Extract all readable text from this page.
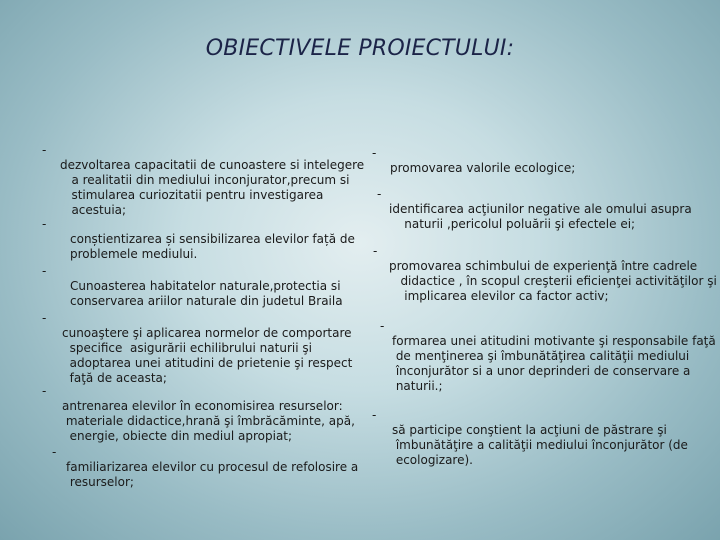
OBIECTIVELE PROIECTULUI:

-

dezvoltarea capacitatii de cunoastere si intelegere
a realitatii din mediului inconjurator,precum si
stimularea curiozitatii pentru investigarea
acestuia;

-

conștientizarea și sensibilizarea elevilor față de
problemele mediului.

-

Cunoasterea habitatelor naturale,protectia si
conservarea ariilor naturale din judetul Braila

-

cunoaştere şi aplicarea normelor de comportare
specifice  asigurării echilibrului naturii şi
adoptarea unei atitudini de prietenie şi respect
faţă de aceasta;

-

antrenarea elevilor în economisirea resurselor:
materiale didactice,hrană şi îmbrăcăminte, apă,
energie, obiecte din mediul apropiat;

-

familiarizarea elevilor cu procesul de refolosire a
resurselor;

-

promovarea valorile ecologice;

-

identificarea acţiunilor negative ale omului asupra
naturii ,pericolul poluării şi efectele ei;

-

promovarea schimbului de experienţă între cadrele
didactice , în scopul creşterii eficienţei activităţilor şi
implicarea elevilor ca factor activ;

-

formarea unei atitudini motivante şi responsabile faţă
de menţinerea şi îmbunătăţirea calităţii mediului
înconjurător si a unor deprinderi de conservare a
naturii.;

-

să participe conştient la acţiuni de păstrare şi
îmbunătăţire a calităţii mediului înconjurător (de
ecologizare).
